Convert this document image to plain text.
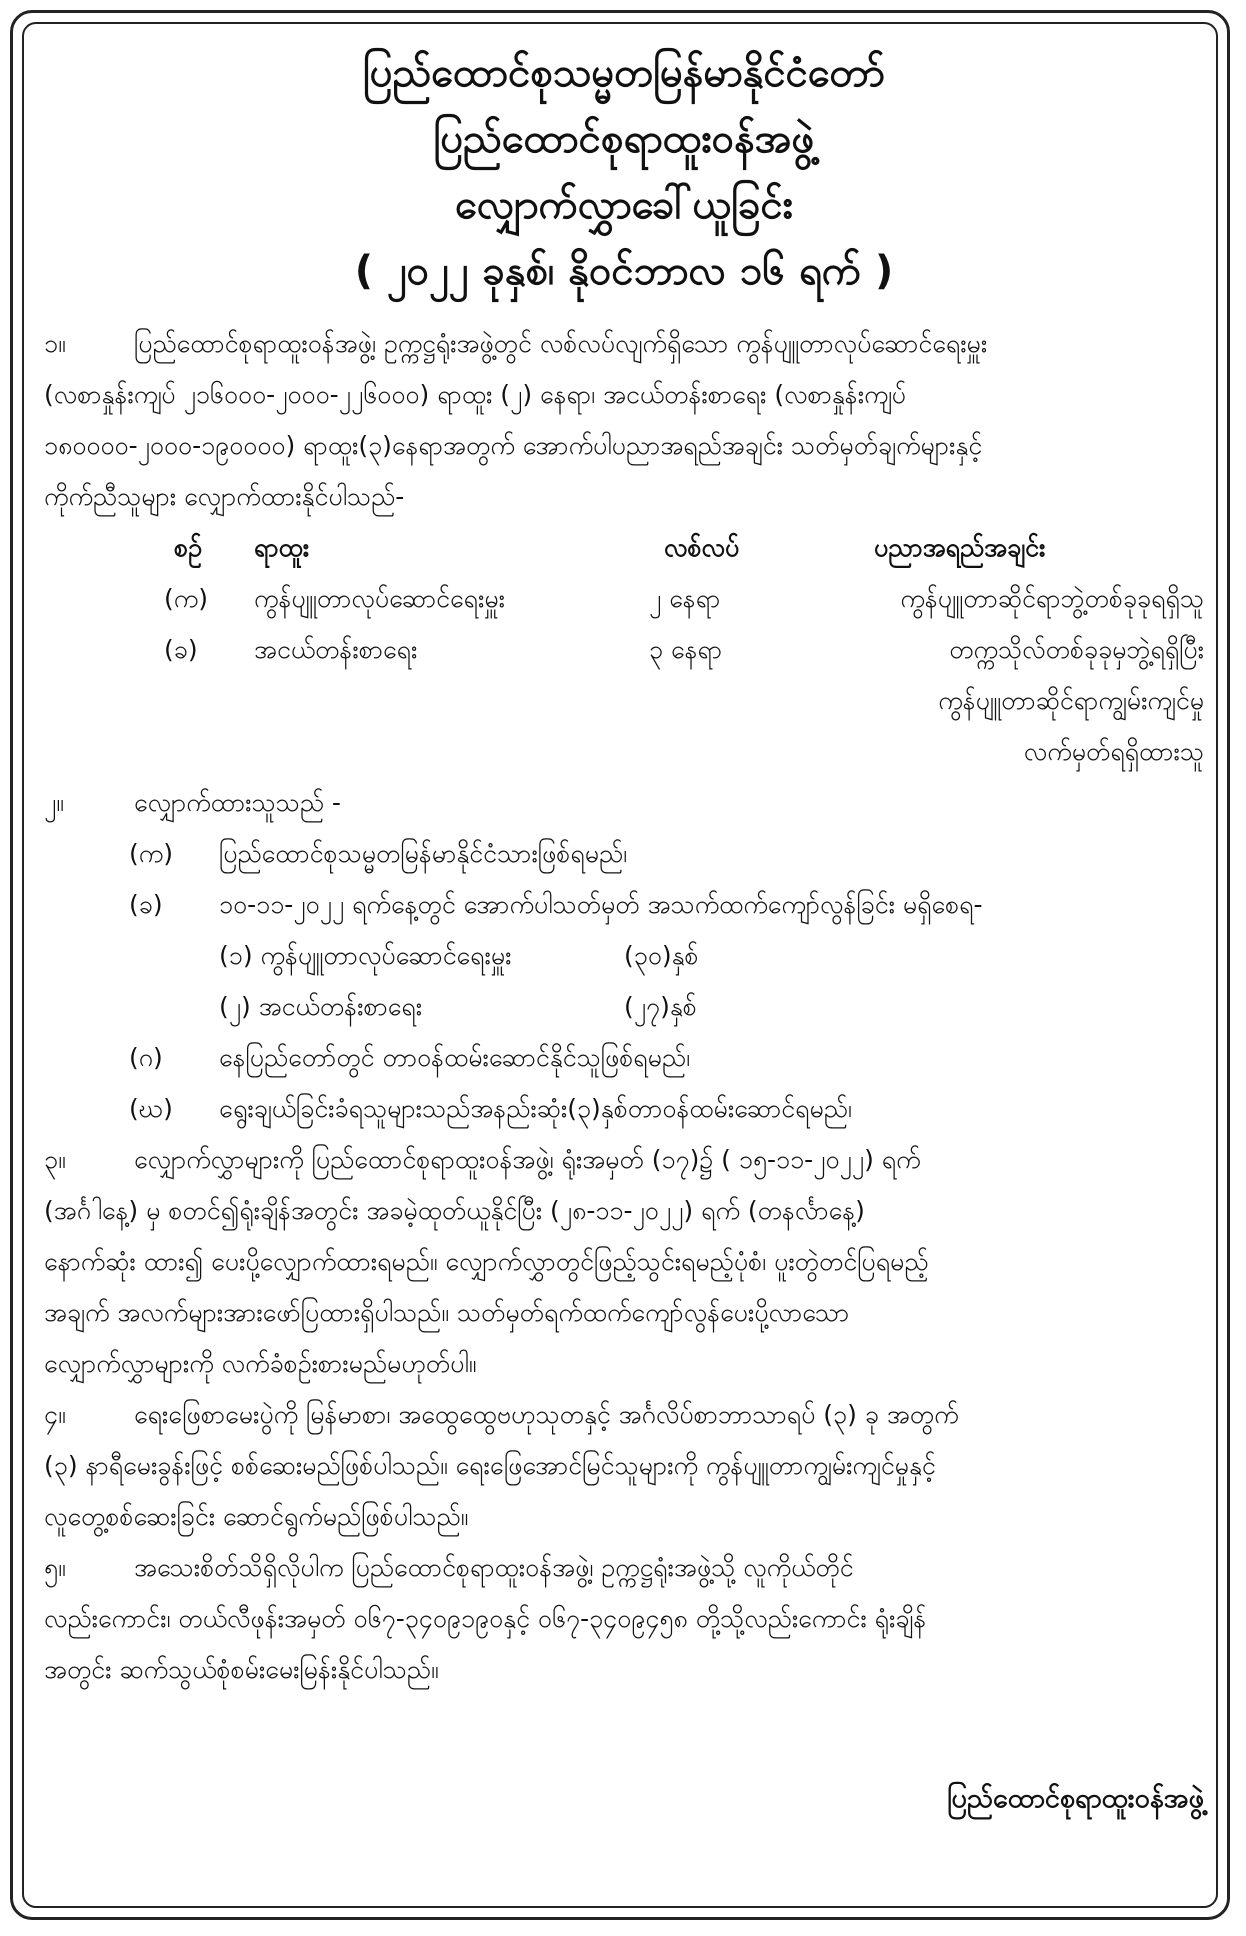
ပြည်ထောင်စုသမ္မတမြန်မာနိုင်ငံတော်
ပြည်ထောင်စုရာထူးဝန်အဖွဲ့
လျှောက်လွှာခေါ်ယူခြင်း
( ၂၀၂၂ ခုနှစ်၊ နိုဝင်ဘာလ ၁၆ ရက် )
၁။	ပြည်ထောင်စုရာထူးဝန်အဖွဲ့၊ ဥက္ကဋ္ဌရုံးအဖွဲ့တွင် လစ်လပ်လျက်ရှိသော ကွန်ပျူတာလုပ်ဆောင်ရေးမှူး
(လစာနှုန်းကျပ် ၂၁၆၀၀၀-၂၀၀၀-၂၂၆၀၀၀) ရာထူး (၂) နေရာ၊ အငယ်တန်းစာရေး (လစာနှုန်းကျပ်
၁၈၀၀၀၀-၂၀၀၀-၁၉၀၀၀၀) ရာထူး(၃)နေရာအတွက် အောက်ပါပညာအရည်အချင်း သတ်မှတ်ချက်များနှင့်
ကိုက်ညီသူများ လျှောက်ထားနိုင်ပါသည်-
စဉ် ရာထူး	လစ်လပ်	ပညာအရည်အချင်း
(က) ကွန်ပျူတာလုပ်ဆောင်ရေးမှူး	၂ နေရာ	ကွန်ပျူတာဆိုင်ရာဘွဲ့တစ်ခုခုရရှိသူ
(ခ) အငယ်တန်းစာရေး	၃ နေရာ	တက္ကသိုလ်တစ်ခုခုမှဘွဲ့ရရှိပြီး
ကွန်ပျူတာဆိုင်ရာကျွမ်းကျင်မှု
လက်မှတ်ရရှိထားသူ
၂။	လျှောက်ထားသူသည် -
(က) ပြည်ထောင်စုသမ္မတမြန်မာနိုင်ငံသားဖြစ်ရမည်၊
(ခ) ၁၀-၁၁-၂၀၂၂ ရက်နေ့တွင် အောက်ပါသတ်မှတ် အသက်ထက်ကျော်လွန်ခြင်း မရှိစေရ-
(၁) ကွန်ပျူတာလုပ်ဆောင်ရေးမှူး	(၃၀)နှစ်
(၂) အငယ်တန်းစာရေး	(၂၇)နှစ်
(ဂ) နေပြည်တော်တွင် တာဝန်ထမ်းဆောင်နိုင်သူဖြစ်ရမည်၊
(ဃ) ရွေးချယ်ခြင်းခံရသူများသည်အနည်းဆုံး(၃)နှစ်တာဝန်ထမ်းဆောင်ရမည်၊
၃။	လျှောက်လွှာများကို ပြည်ထောင်စုရာထူးဝန်အဖွဲ့၊ ရုံးအမှတ် (၁၇)၌ ( ၁၅-၁၁-၂၀၂၂) ရက်
(အင်္ဂါနေ့) မှ စတင်၍ရုံးချိန်အတွင်း အခမဲ့ထုတ်ယူနိုင်ပြီး (၂၈-၁၁-၂၀၂၂) ရက် (တနင်္လာနေ့)
နောက်ဆုံး ထား၍ ပေးပို့လျှောက်ထားရမည်။ လျှောက်လွှာတွင်ဖြည့်သွင်းရမည့်ပုံစံ၊ ပူးတွဲတင်ပြရမည့်
အချက် အလက်များအားဖော်ပြထားရှိပါသည်။ သတ်မှတ်ရက်ထက်ကျော်လွန်ပေးပို့လာသော
လျှောက်လွှာများကို လက်ခံစဉ်းစားမည်မဟုတ်ပါ။
၄။	ရေးဖြေစာမေးပွဲကို မြန်မာစာ၊ အထွေထွေဗဟုသုတနှင့် အင်္ဂလိပ်စာဘာသာရပ် (၃) ခု အတွက်
(၃) နာရီမေးခွန်းဖြင့် စစ်ဆေးမည်ဖြစ်ပါသည်။ ရေးဖြေအောင်မြင်သူများကို ကွန်ပျူတာကျွမ်းကျင်မှုနှင့်
လူတွေ့စစ်ဆေးခြင်း ဆောင်ရွက်မည်ဖြစ်ပါသည်။
၅။	အသေးစိတ်သိရှိလိုပါက ပြည်ထောင်စုရာထူးဝန်အဖွဲ့၊ ဥက္ကဋ္ဌရုံးအဖွဲ့သို့ လူကိုယ်တိုင်
လည်းကောင်း၊ တယ်လီဖုန်းအမှတ် ၀၆၇-၃၄၀၉၁၉၀နှင့် ၀၆၇-၃၄၀၉၄၅၈ တို့သို့လည်းကောင်း ရုံးချိန်
အတွင်း ဆက်သွယ်စုံစမ်းမေးမြန်းနိုင်ပါသည်။
ပြည်ထောင်စုရာထူးဝန်အဖွဲ့
